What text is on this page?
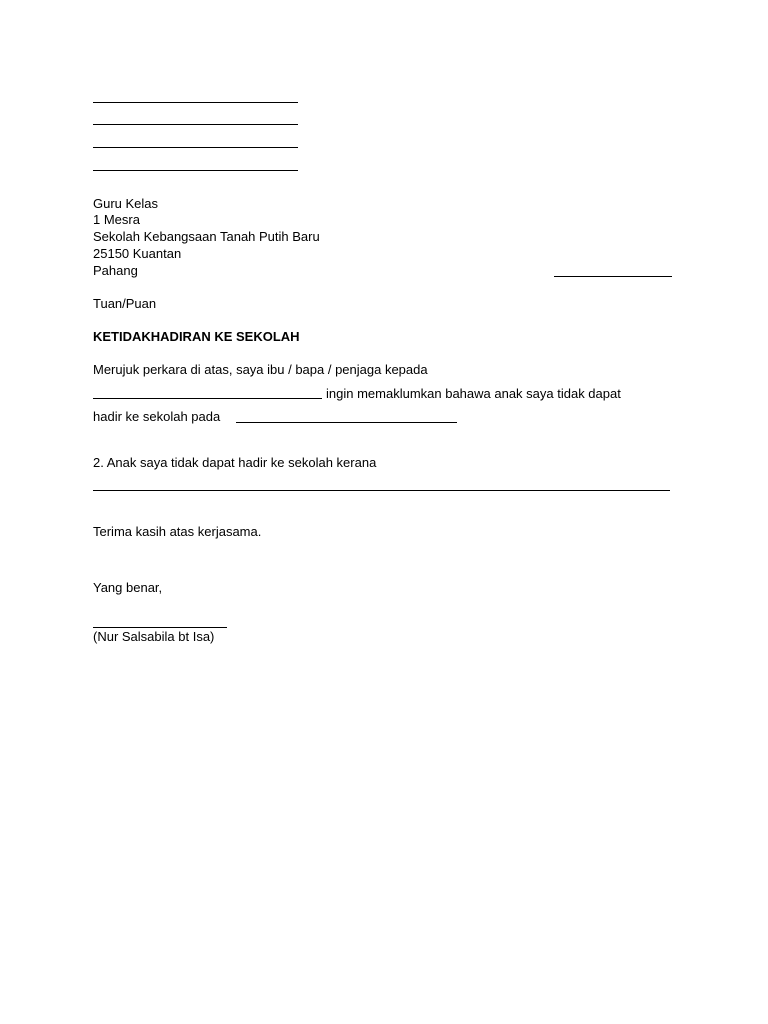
Guru Kelas
1 Mesra
Sekolah Kebangsaan Tanah Putih Baru
25150 Kuantan
Pahang
Tuan/Puan
KETIDAKHADIRAN KE SEKOLAH
Merujuk perkara di atas, saya ibu / bapa / penjaga kepada
ingin memaklumkan bahawa anak saya tidak dapat
hadir ke sekolah pada
2. Anak saya tidak dapat hadir ke sekolah kerana
Terima kasih atas kerjasama.
Yang benar,
(Nur Salsabila bt Isa)
